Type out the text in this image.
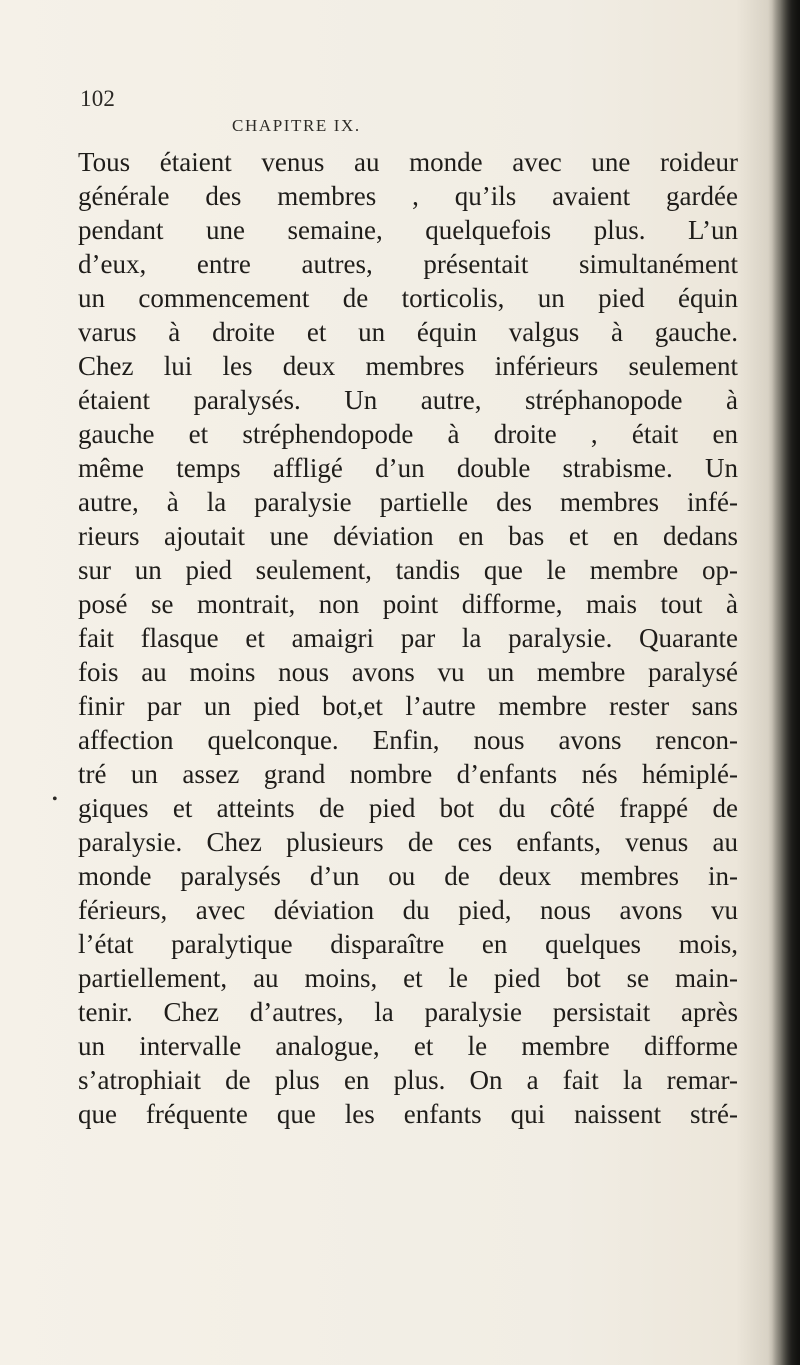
102
CHAPITRE IX.
•
Tous étaient venus au monde avec une roideur
générale des membres , qu’ils avaient gardée
pendant une semaine, quelquefois plus. L’un
d’eux, entre autres, présentait simultanément
un commencement de torticolis, un pied équin
varus à droite et un équin valgus à gauche.
Chez lui les deux membres inférieurs seulement
étaient paralysés. Un autre, stréphanopode à
gauche et stréphendopode à droite , était en
même temps affligé d’un double strabisme. Un
autre, à la paralysie partielle des membres infé-
rieurs ajoutait une déviation en bas et en dedans
sur un pied seulement, tandis que le membre op-
posé se montrait, non point difforme, mais tout à
fait flasque et amaigri par la paralysie. Quarante
fois au moins nous avons vu un membre paralysé
finir par un pied bot,et l’autre membre rester sans
affection quelconque. Enfin, nous avons rencon-
tré un assez grand nombre d’enfants nés hémiplé-
giques et atteints de pied bot du côté frappé de
paralysie. Chez plusieurs de ces enfants, venus au
monde paralysés d’un ou de deux membres in-
férieurs, avec déviation du pied, nous avons vu
l’état paralytique disparaître en quelques mois,
partiellement, au moins, et le pied bot se main-
tenir. Chez d’autres, la paralysie persistait après
un intervalle analogue, et le membre difforme
s’atrophiait de plus en plus. On a fait la remar-
que fréquente que les enfants qui naissent stré-
